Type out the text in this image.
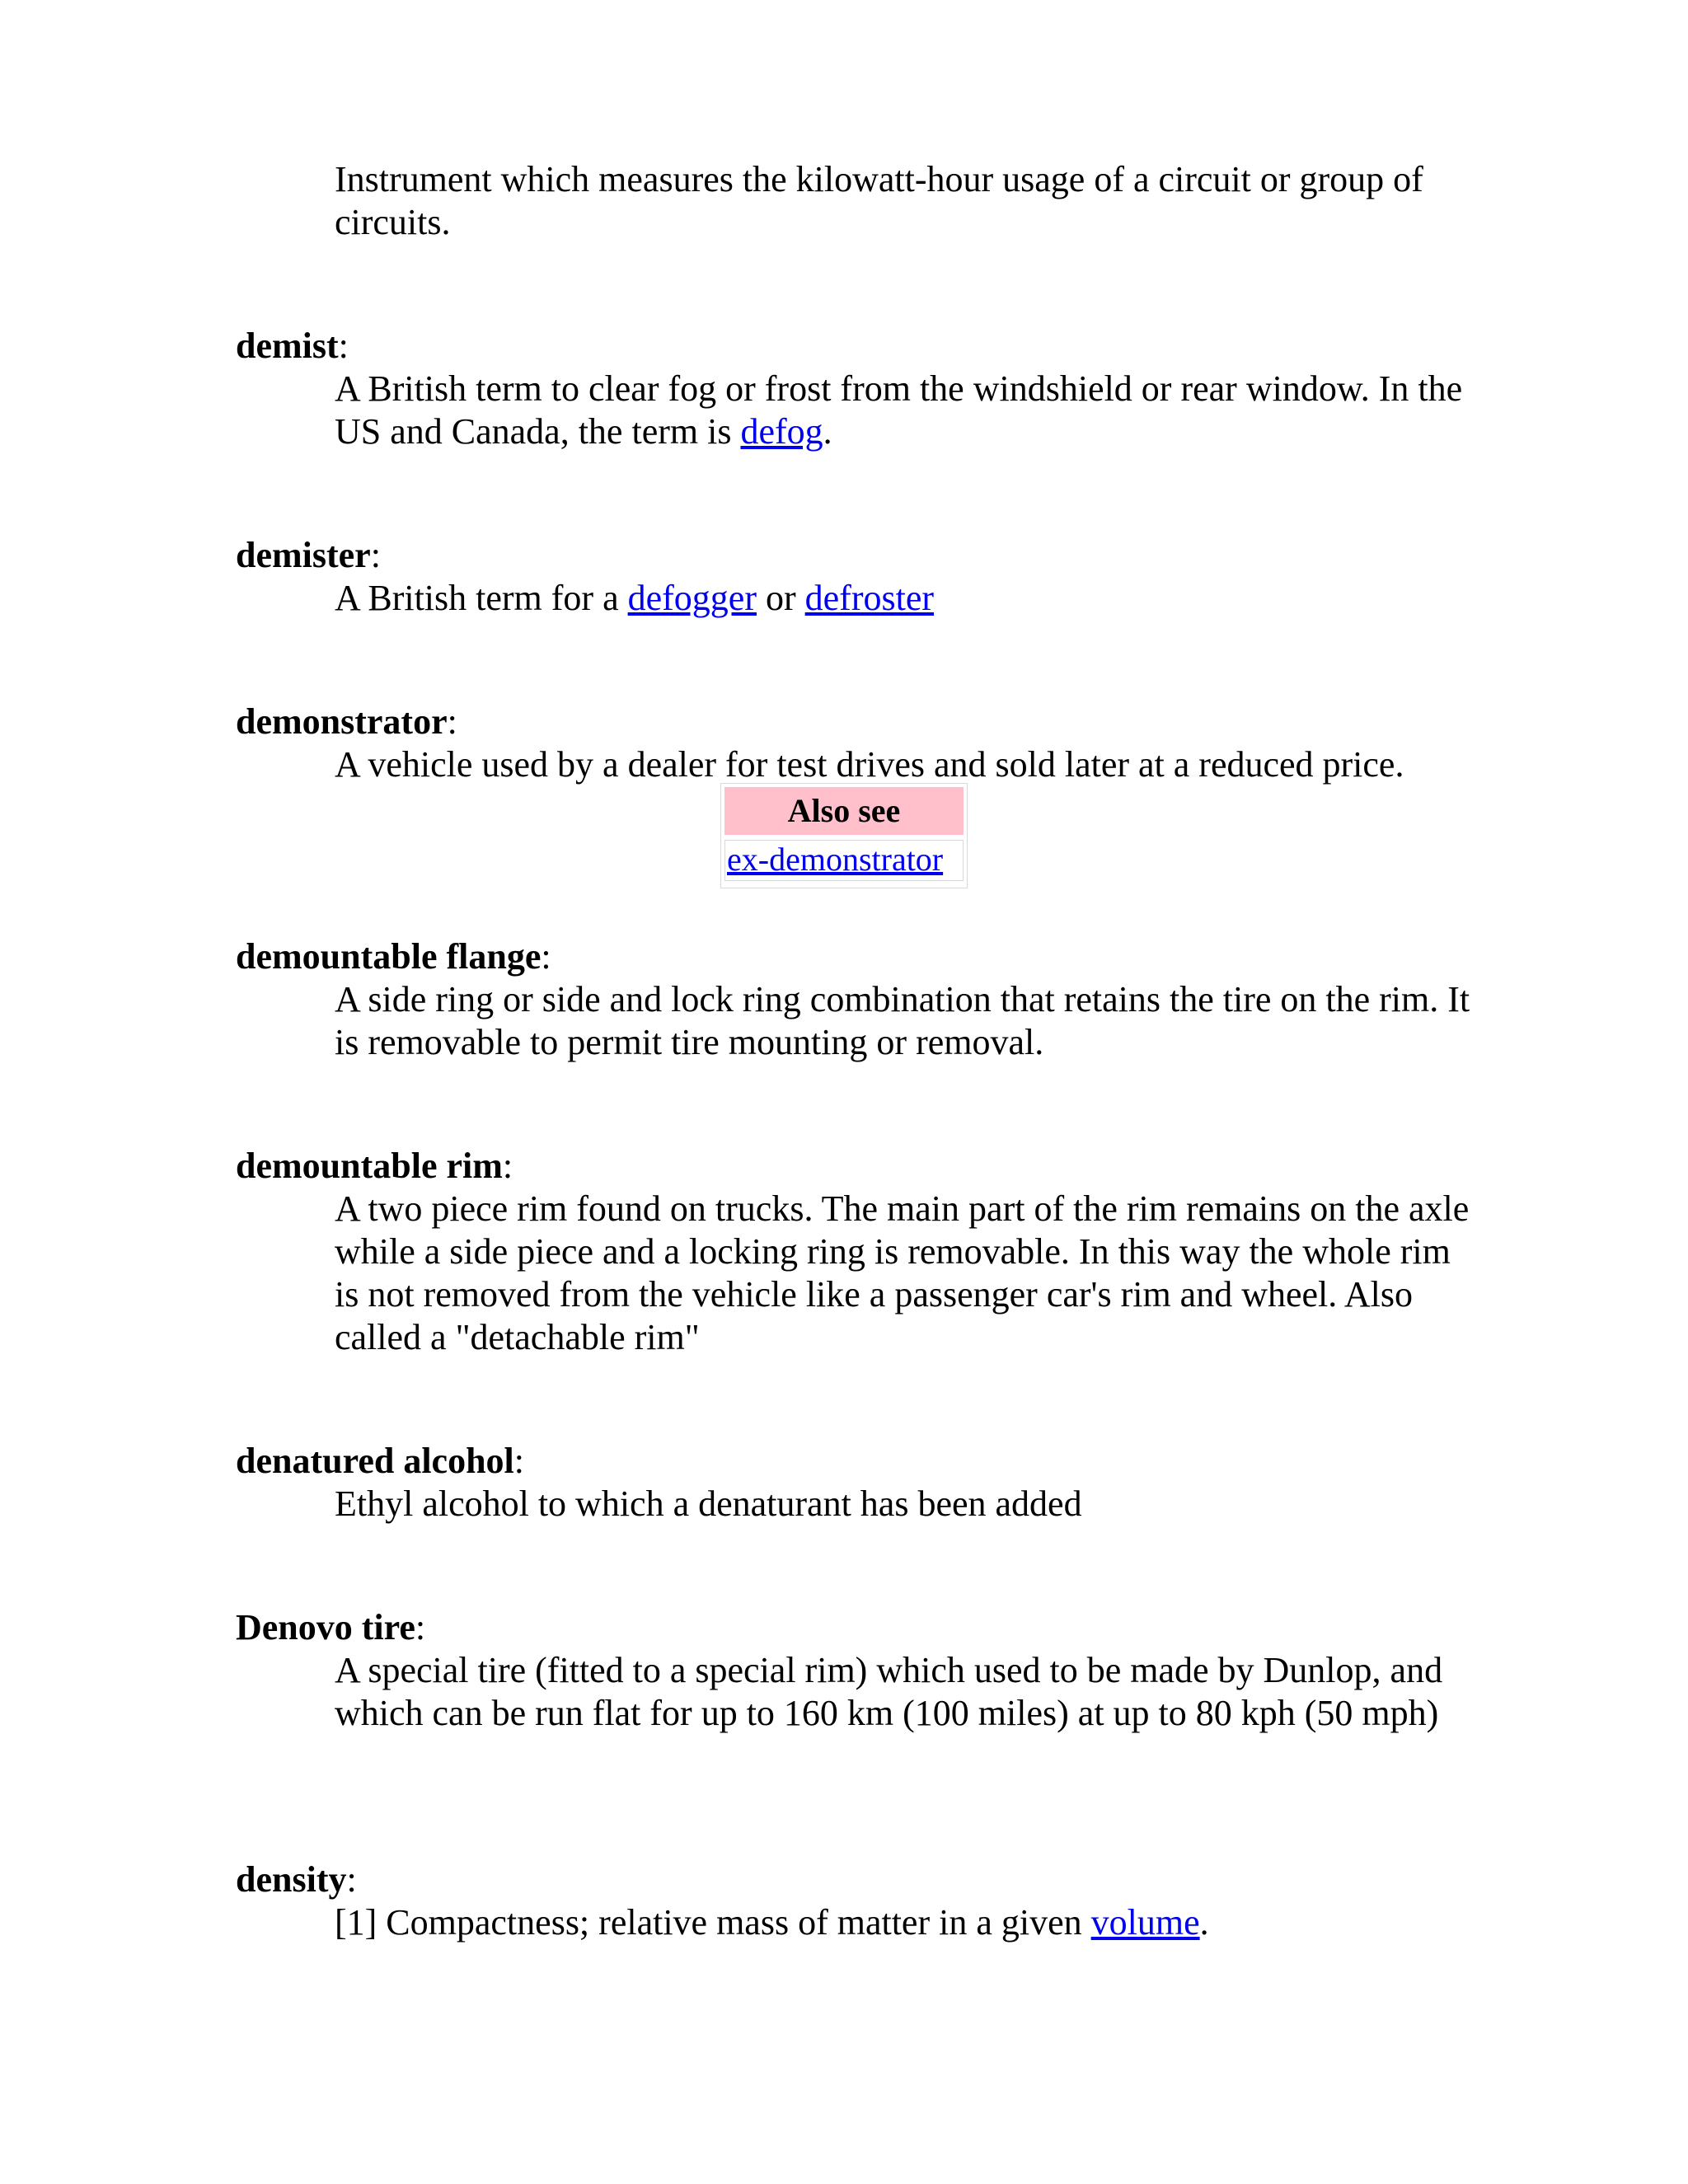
Instrument which measures the kilowatt-hour usage of a circuit or group of circuits.
demist:
A British term to clear fog or frost from the windshield or rear window. In the US and Canada, the term is defog.
demister:
A British term for a defogger or defroster
demonstrator:
A vehicle used by a dealer for test drives and sold later at a reduced price.
Also see
ex-demonstrator
demountable flange:
A side ring or side and lock ring combination that retains the tire on the rim. It is removable to permit tire mounting or removal.
demountable rim:
A two piece rim found on trucks. The main part of the rim remains on the axle while a side piece and a locking ring is removable. In this way the whole rim is not removed from the vehicle like a passenger car's rim and wheel. Also called a "detachable rim"
denatured alcohol:
Ethyl alcohol to which a denaturant has been added
Denovo tire:
A special tire (fitted to a special rim) which used to be made by Dunlop, and which can be run flat for up to 160 km (100 miles) at up to 80 kph (50 mph)
density:
[1] Compactness; relative mass of matter in a given volume.
